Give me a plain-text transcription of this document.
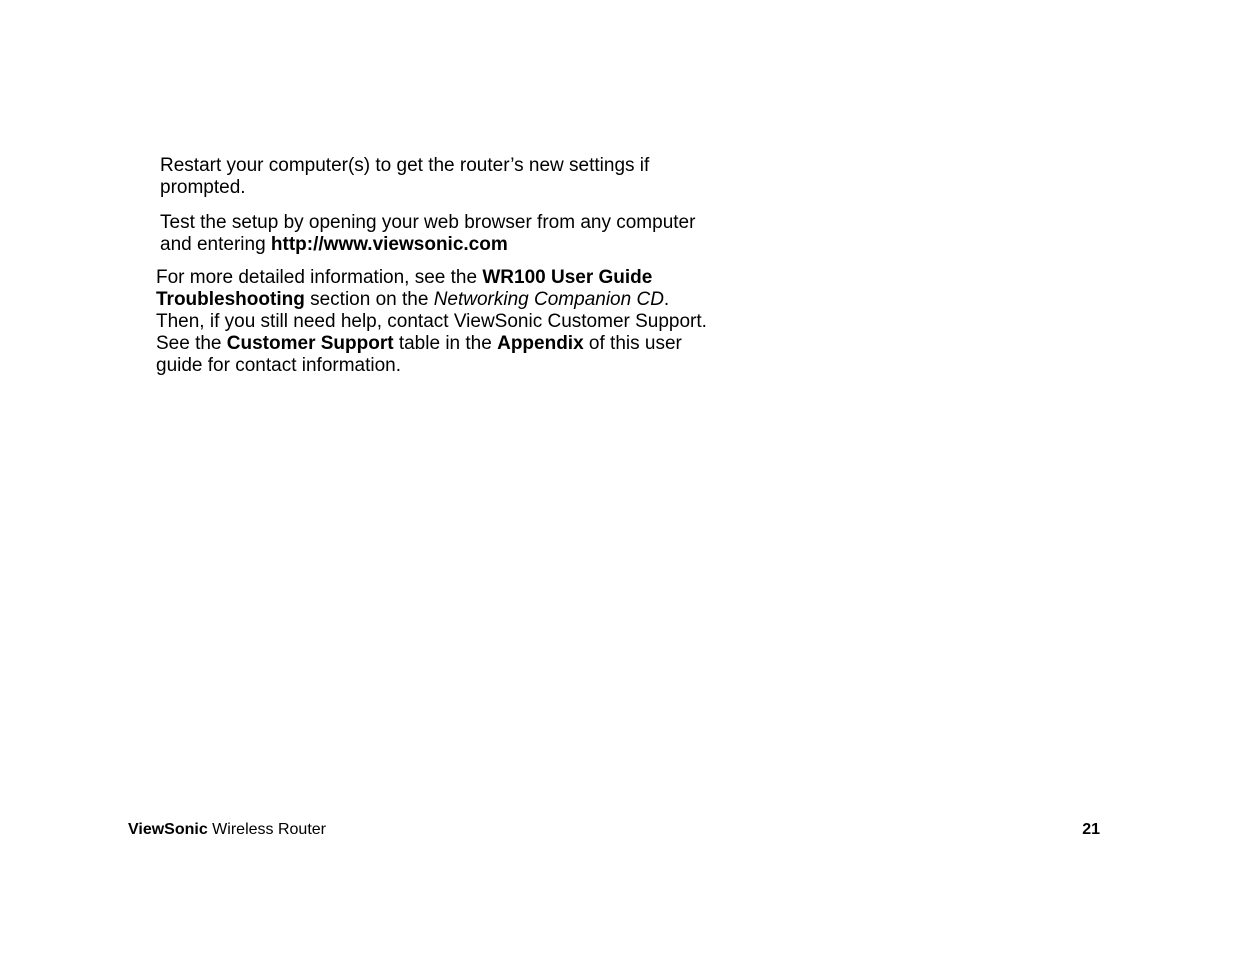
Restart your computer(s) to get the router’s new settings if prompted.

Test the setup by opening your web browser from any computer and entering http://www.viewsonic.com

For more detailed information, see the WR100 User Guide Troubleshooting section on the Networking Companion CD. Then, if you still need help, contact ViewSonic Customer Support. See the Customer Support table in the Appendix of this user guide for contact information.

ViewSonic Wireless Router	21
